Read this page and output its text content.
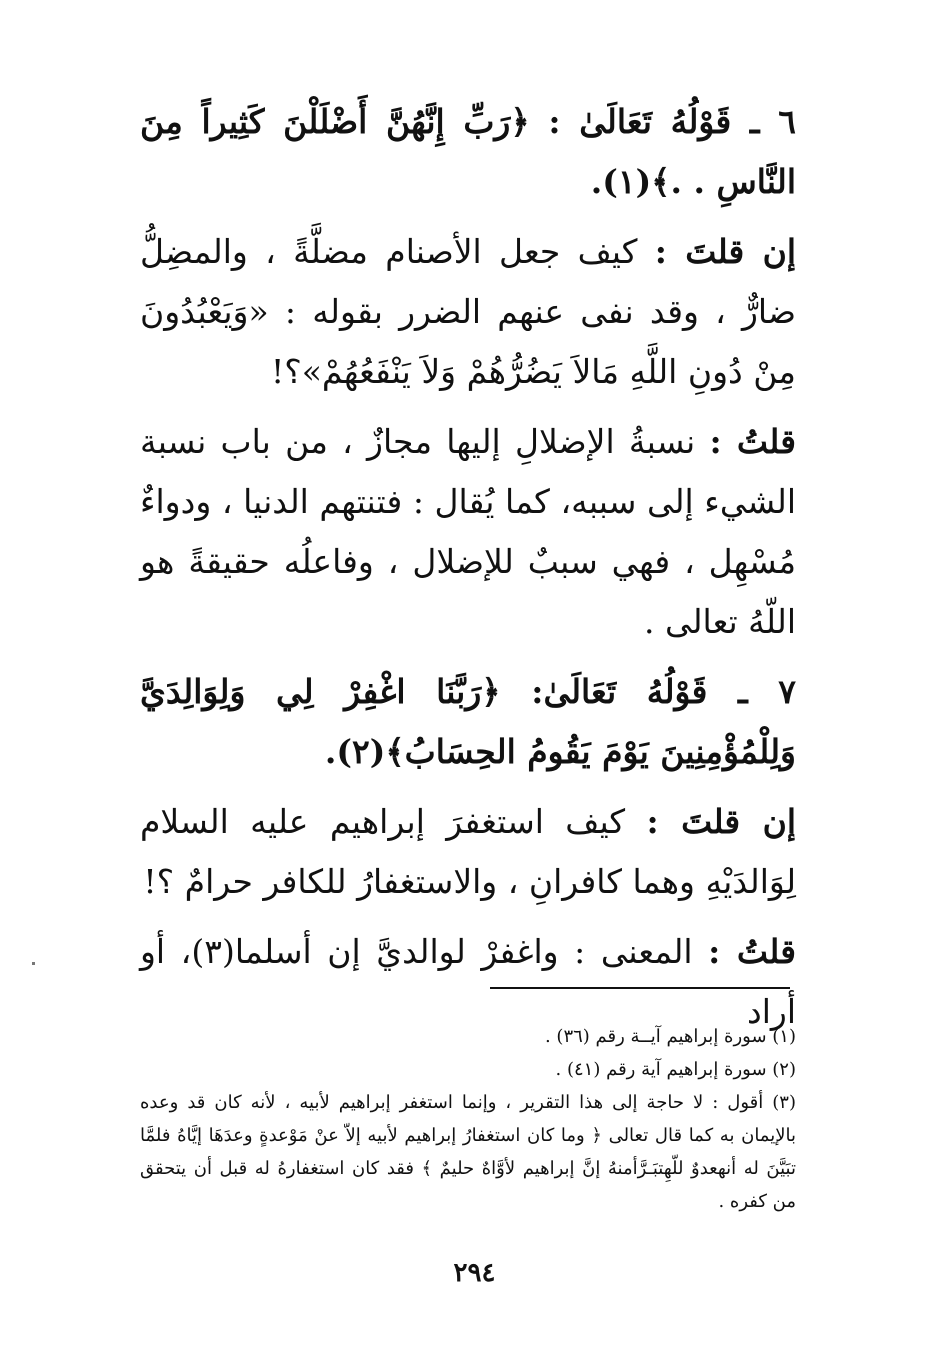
٦ ـ قَوْلُهُ تَعَالَىٰ : ﴿رَبِّ إِنَّهُنَّ أَضْلَلْنَ كَثِيراً مِنَ النَّاسِ . .﴾(١).

إن قلتَ : كيف جعل الأصنام مضلَّةً ، والمضِلُّ ضارٌّ ، وقد نفى عنهم الضرر بقوله : «وَيَعْبُدُونَ مِنْ دُونِ اللَّهِ مَالاَ يَضُرُّهُمْ وَلاَ يَنْفَعُهُمْ»؟!

قلتُ : نسبةُ الإضلالِ إليها مجازٌ ، من باب نسبة الشيء إلى سببه، كما يُقال : فتنتهم الدنيا ، ودواءٌ مُسْهِل ، فهي سببٌ للإضلال ، وفاعلُه حقيقةً هو اللّهُ تعالى .

٧ ـ قَوْلُهُ تَعَالَىٰ: ﴿رَبَّنَا اغْفِرْ لِي وَلِوَالِدَيَّ وَلِلْمُؤْمِنِينَ يَوْمَ يَقُومُ الحِسَابُ﴾(٢).

إن قلتَ : كيف استغفرَ إبراهيم عليه السلام لِوَالدَيْهِ وهما كافرانِ ، والاستغفارُ للكافر حرامٌ ؟!

قلتُ : المعنى : واغفرْ لوالديَّ إن أسلما(٣)، أو أراد

(١) سورة إبراهيم آيــة رقم (٣٦) .

(٢) سورة إبراهيم آية رقم (٤١) .

(٣) أقول : لا حاجة إلى هذا التقرير ، وإنما استغفر إبراهيم لأبيه ، لأنه كان قد وعده بالإيمان به كما قال تعالى ﴿ وما كان استغفارُ إبراهيم لأبيه إلاّ عنْ مَوْعدةٍ وعدَهَا إيَّاهُ فلمَّا تبَيَّنَ له أنهعدوٌ للّهِتبَـرَّأمنهُ إنَّ إبراهيم لأوَّاهٌ حليمٌ ﴾ فقد كان استغفارهُ له قبل أن يتحقق من كفره .

٢٩٤
